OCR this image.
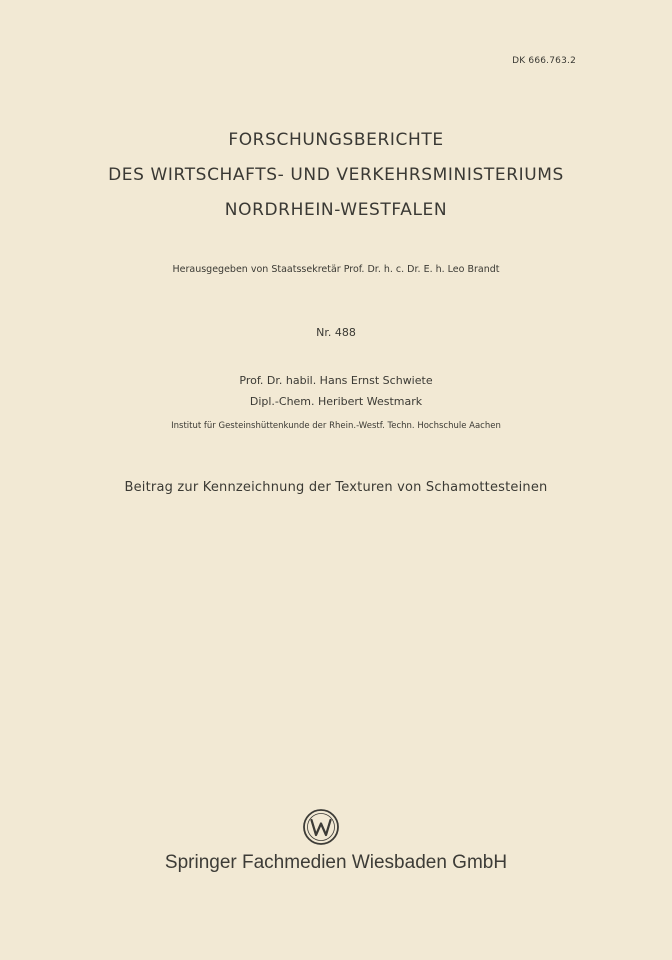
DK 666.763.2
FORSCHUNGSBERICHTE
DES WIRTSCHAFTS- UND VERKEHRSMINISTERIUMS
NORDRHEIN-WESTFALEN
Herausgegeben von Staatssekretär Prof. Dr. h. c. Dr. E. h. Leo Brandt
Nr. 488
Prof. Dr. habil. Hans Ernst Schwiete
Dipl.-Chem. Heribert Westmark
Institut für Gesteinshüttenkunde der Rhein.-Westf. Techn. Hochschule Aachen
Beitrag zur Kennzeichnung der Texturen von Schamottesteinen
Springer Fachmedien Wiesbaden GmbH
